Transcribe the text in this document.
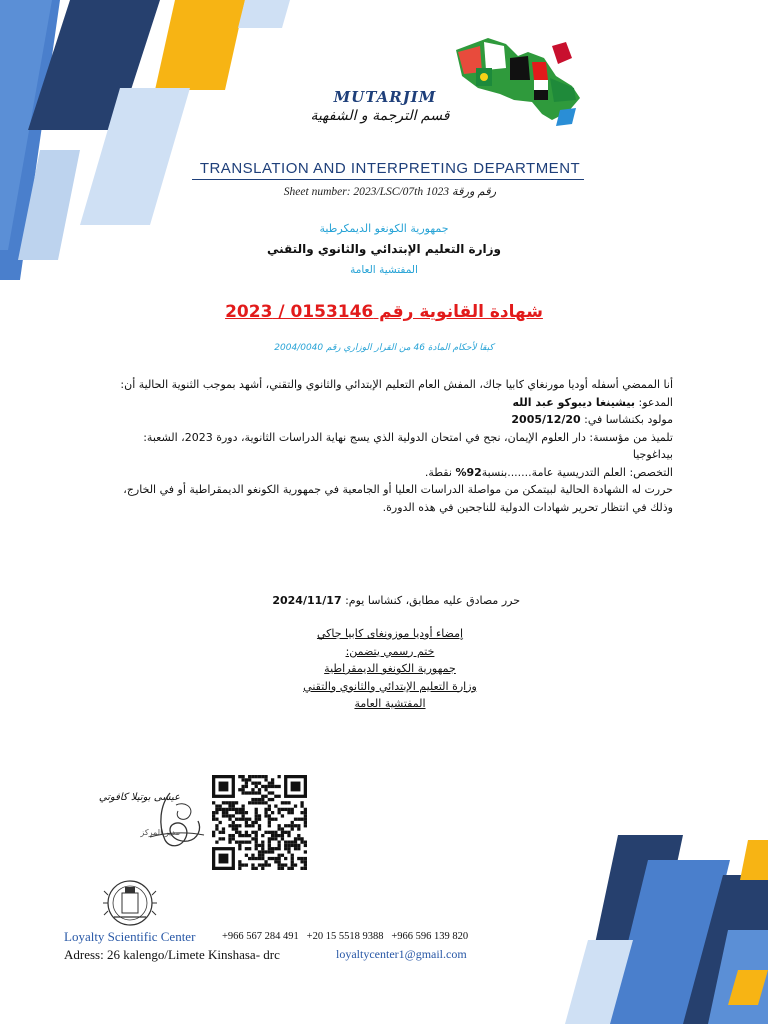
MUTARJIM
قسم الترجمة و الشفهية
TRANSLATION AND INTERPRETING DEPARTMENT
Sheet number: 2023/LSC/07th 1023 رقم ورقة
جمهورية الكونغو الديمكرطية
وزارة التعليم الإبتدائي والثانوي والتقني
المفتشية العامة
شهادة القانوية رقم 0153146 / 2023
كبقا لأحكام المادة 46 من القرار الوزاري رقم 2004/0040

أنا الممضي أسفله أوديا مورنغاي كابيا جاك، المفش العام التعليم الإبتدائي والثانوي والتقني، أشهد بموجب الثنوية الحالية أن:

المدعو: بيشينغا ديبوكو عبد الله

مولود بكنشاسا في: 2005/12/20

تلميذ من مؤسسة: دار العلوم الإيمان، نجح في امتحان الدولية الذي يسج نهاية الدراسات الثانوية، دورة 2023، الشعبة: بيداغوجيا

التخصص: العلم التدريسية عامة.......بنسبة92% نقطة.

حررت له الشهادة الحالية لبيتمكن من مواصلة الدراسات العليا أو الجامعية في جمهورية الكونغو الديمقراطية أو في الخارج، وذلك في انتظار تحرير شهادات الدولية للناجحين في هذه الدورة.

حرر مصادق عليه مطابق، كنشاسا يوم: 2024/11/17
إمضاء أوديا موزونغاى كابيا جاكي
ختم رسمي يتضمن:
جمهورية الكونغو الديمقراطية
وزارة التعليم الإبتدائي والثانوي والتقني
المفتشية العامة
عيسى بوتيلا كافوتي
مدير المركز
Loyalty Scientific Center	+966 567 284 491   +20 15 5518 9388   +966 596 139 820
Adress: 26 kalengo/Limete Kinshasa- drc	loyaltycenter1@gmail.com
